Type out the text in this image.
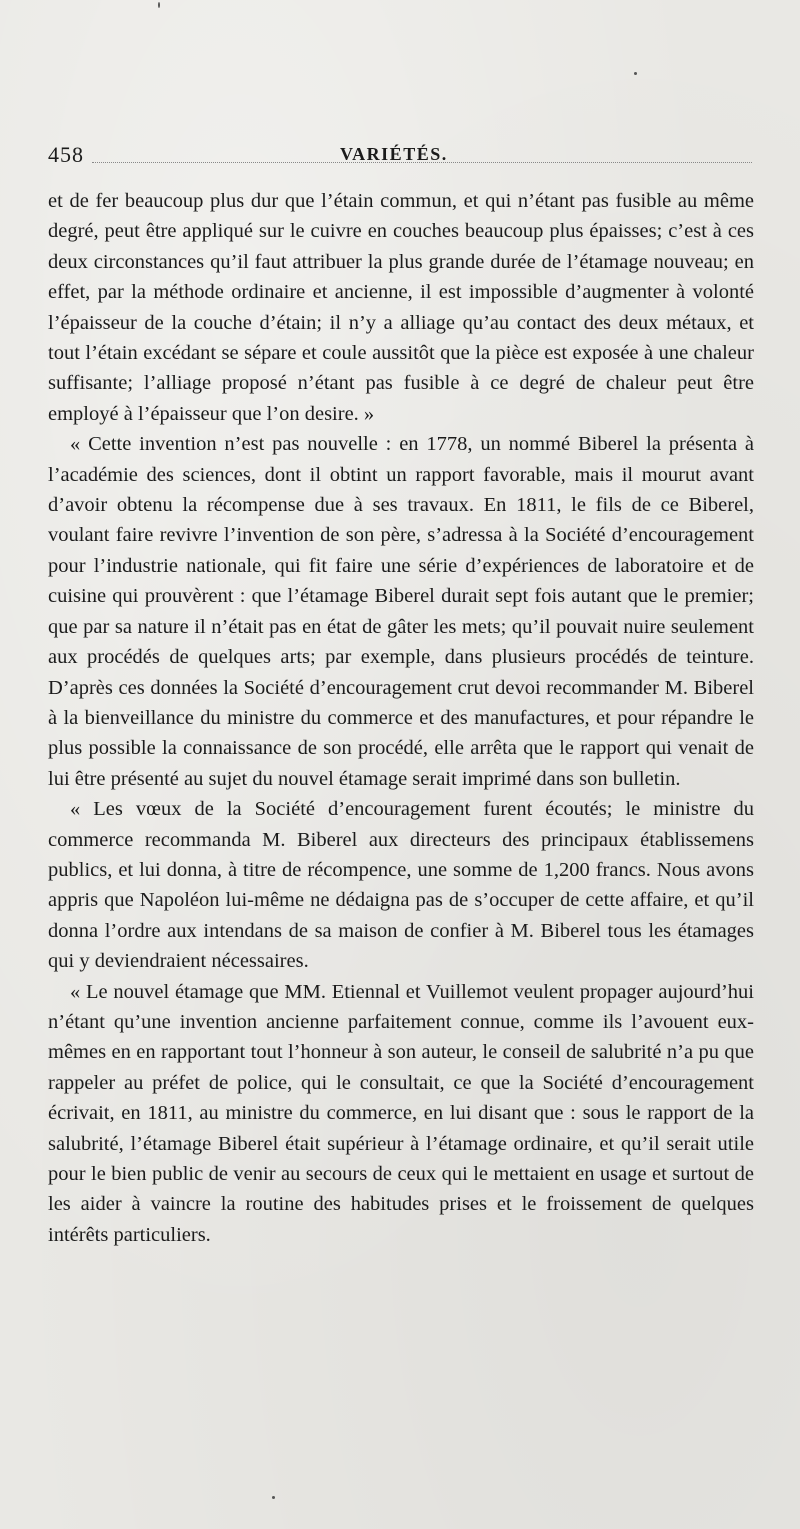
458	VARIÉTÉS.

et de fer beaucoup plus dur que l’étain commun, et qui n’étant pas fusible au même degré, peut être appliqué sur le cuivre en couches beaucoup plus épaisses; c’est à ces deux circonstances qu’il faut attribuer la plus grande durée de l’étamage nouveau; en effet, par la méthode ordinaire et ancienne, il est impossible d’augmenter à volonté l’épaisseur de la couche d’étain; il n’y a alliage qu’au contact des deux métaux, et tout l’étain excédant se sépare et coule aussitôt que la pièce est exposée à une chaleur suffisante; l’alliage proposé n’étant pas fusible à ce degré de chaleur peut être employé à l’épaisseur que l’on desire. »

« Cette invention n’est pas nouvelle : en 1778, un nommé Biberel la présenta à l’académie des sciences, dont il obtint un rapport favorable, mais il mourut avant d’avoir obtenu la récompense due à ses travaux. En 1811, le fils de ce Biberel, voulant faire revivre l’invention de son père, s’adressa à la Société d’encouragement pour l’industrie nationale, qui fit faire une série d’expériences de laboratoire et de cuisine qui prouvèrent : que l’étamage Biberel durait sept fois autant que le premier; que par sa nature il n’était pas en état de gâter les mets; qu’il pouvait nuire seulement aux procédés de quelques arts; par exemple, dans plusieurs procédés de teinture. D’après ces données la Société d’encouragement crut devoi recommander M. Biberel à la bienveillance du ministre du commerce et des manufactures, et pour répandre le plus possible la connaissance de son procédé, elle arrêta que le rapport qui venait de lui être présenté au sujet du nouvel étamage serait imprimé dans son bulletin.

« Les vœux de la Société d’encouragement furent écoutés; le ministre du commerce recommanda M. Biberel aux directeurs des principaux établissemens publics, et lui donna, à titre de récompence, une somme de 1,200 francs. Nous avons appris que Napoléon lui-même ne dédaigna pas de s’occuper de cette affaire, et qu’il donna l’ordre aux intendans de sa maison de confier à M. Biberel tous les étamages qui y deviendraient nécessaires.

« Le nouvel étamage que MM. Etiennal et Vuillemot veulent propager aujourd’hui n’étant qu’une invention ancienne parfaitement connue, comme ils l’avouent eux-mêmes en en rapportant tout l’honneur à son auteur, le conseil de salubrité n’a pu que rappeler au préfet de police, qui le consultait, ce que la Société d’encouragement écrivait, en 1811, au ministre du commerce, en lui disant que : sous le rapport de la salubrité, l’étamage Biberel était supérieur à l’étamage ordinaire, et qu’il serait utile pour le bien public de venir au secours de ceux qui le mettaient en usage et surtout de les aider à vaincre la routine des habitudes prises et le froissement de quelques intérêts particuliers.
